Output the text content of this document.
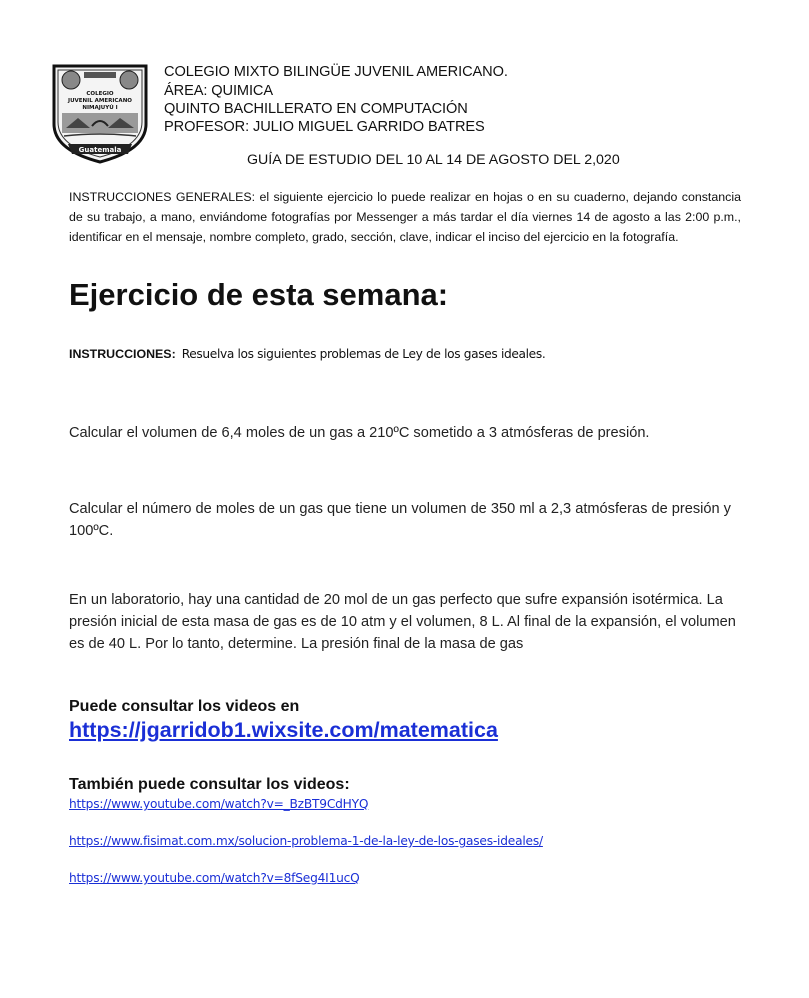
COLEGIO
JUVENIL AMERICANO
NIMAJUYÚ I
Guatemala
COLEGIO MIXTO BILINGÜE JUVENIL AMERICANO.
ÁREA: QUIMICA
QUINTO BACHILLERATO EN COMPUTACIÓN
PROFESOR: JULIO MIGUEL GARRIDO BATRES
GUÍA DE ESTUDIO DEL 10 AL 14 DE AGOSTO DEL 2,020
INSTRUCCIONES GENERALES: el siguiente ejercicio lo puede realizar en hojas o en su cuaderno, dejando constancia de su trabajo, a mano, enviándome fotografías por Messenger a más tardar el día viernes 14 de agosto a las 2:00 p.m., identificar en el mensaje, nombre completo, grado, sección, clave, indicar el inciso del ejercicio en la fotografía.
Ejercicio de esta semana:
INSTRUCCIONES: Resuelva los siguientes problemas de Ley de los gases ideales.
Calcular el volumen de 6,4 moles de un gas a 210ºC sometido a 3 atmósferas de presión.
Calcular el número de moles de un gas que tiene un volumen de 350 ml a 2,3 atmósferas de presión y 100ºC.
En un laboratorio, hay una cantidad de 20 mol de un gas perfecto que sufre expansión isotérmica. La presión inicial de esta masa de gas es de 10 atm y el volumen, 8 L. Al final de la expansión, el volumen es de 40 L. Por lo tanto, determine. La presión final de la masa de gas
Puede consultar los videos en
https://jgarridob1.wixsite.com/matematica
También puede consultar los videos:
https://www.youtube.com/watch?v=_BzBT9CdHYQ
https://www.fisimat.com.mx/solucion-problema-1-de-la-ley-de-los-gases-ideales/
https://www.youtube.com/watch?v=8fSeg4I1ucQ
